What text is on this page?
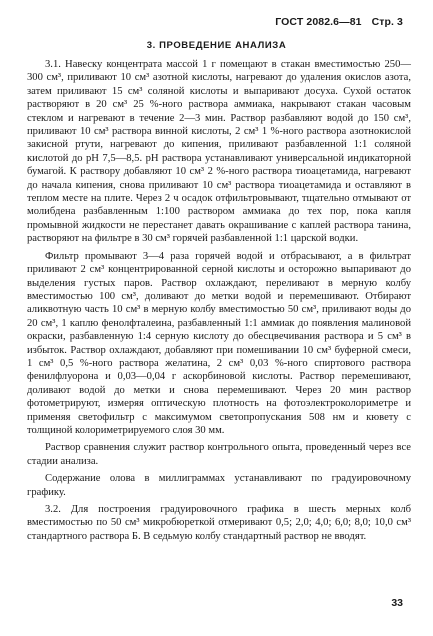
ГОСТ 2082.6—81 Стр. 3
3. ПРОВЕДЕНИЕ АНАЛИЗА

3.1. Навеску концентрата массой 1 г помещают в стакан вместимостью 250—300 см³, приливают 10 см³ азотной кислоты, нагревают до удаления окислов азота, затем приливают 15 см³ соляной кислоты и выпаривают досуха. Сухой остаток растворяют в 20 см³ 25 %-ного раствора аммиака, накрывают стакан часовым стеклом и нагревают в течение 2—3 мин. Раствор разбавляют водой до 150 см³, приливают 10 см³ раствора винной кислоты, 2 см³ 1 %-ного раствора азотнокислой закисной ртути, нагревают до кипения, приливают разбавленной 1:1 соляной кислотой до pH 7,5—8,5. pH раствора устанавливают универсальной индикаторной бумагой. К раствору добавляют 10 см³ 2 %-ного раствора тиоацетамида, нагревают до начала кипения, снова приливают 10 см³ раствора тиоацетамида и оставляют в теплом месте на плите. Через 2 ч осадок отфильтровывают, тщательно отмывают от молибдена разбавленным 1:100 раствором аммиака до тех пор, пока капля промывной жидкости не перестанет давать окрашивание с каплей раствора танина, растворяют на фильтре в 30 см³ горячей разбавленной 1:1 царской водки.

Фильтр промывают 3—4 раза горячей водой и отбрасывают, а в фильтрат приливают 2 см³ концентрированной серной кислоты и осторожно выпаривают до выделения густых паров. Раствор охлаждают, переливают в мерную колбу вместимостью 100 см³, доливают до метки водой и перемешивают. Отбирают аликвотную часть 10 см³ в мерную колбу вместимостью 50 см³, приливают воды до 20 см³, 1 каплю фенолфталеина, разбавленный 1:1 аммиак до появления малиновой окраски, разбавленную 1:4 серную кислоту до обесцвечивания раствора и 5 см³ в избыток. Раствор охлаждают, добавляют при помешивании 10 см³ буферной смеси, 1 см³ 0,5 %-ного раствора желатина, 2 см³ 0,03 %-ного спиртового раствора фенилфлуорона и 0,03—0,04 г аскорбиновой кислоты. Раствор перемешивают, доливают водой до метки и снова перемешивают. Через 20 мин раствор фотометрируют, измеряя оптическую плотность на фотоэлектроколориметре и применяя светофильтр с максимумом светопропускания 508 нм и кювету с толщиной колориметрируемого слоя 30 мм.

Раствор сравнения служит раствор контрольного опыта, проведенный через все стадии анализа.

Содержание олова в миллиграммах устанавливают по градуировочному графику.

3.2. Для построения градуировочного графика в шесть мерных колб вместимостью по 50 см³ микробюреткой отмеривают 0,5; 2,0; 4,0; 6,0; 8,0; 10,0 см³ стандартного раствора Б. В седьмую колбу стандартный раствор не вводят.

33
